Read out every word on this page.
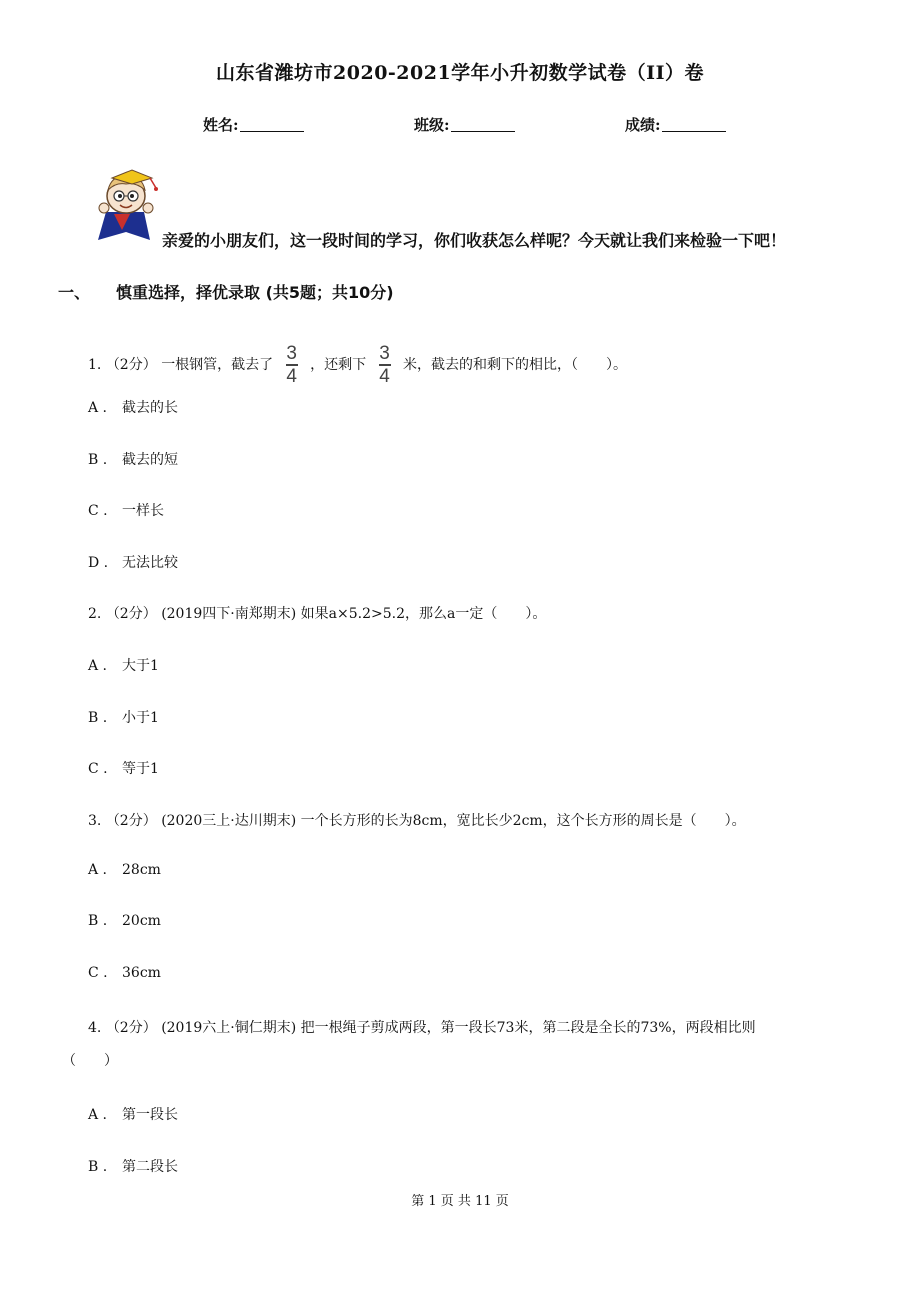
山东省潍坊市2020-2021学年小升初数学试卷（II）卷
姓名:	班级:	成绩:
亲爱的小朋友们，这一段时间的学习，你们收获怎么样呢？今天就让我们来检验一下吧！
一、 慎重选择，择优录取 (共5题；共10分)
1. （2分） 一根钢管，截去了 $\frac{3}{4}$ ，还剩下 $\frac{3}{4}$ 米，截去的和剩下的相比，（　　）。
A . 截去的长
B . 截去的短
C . 一样长
D . 无法比较
2. （2分） (2019四下·南郑期末) 如果a×5.2>5.2，那么a一定（　　）。
A . 大于1
B . 小于1
C . 等于1
3. （2分） (2020三上·达川期末) 一个长方形的长为8cm，宽比长少2cm，这个长方形的周长是（　　）。
A . 28cm
B . 20cm
C . 36cm
4. （2分） (2019六上·铜仁期末) 把一根绳子剪成两段，第一段长73米，第二段是全长的73%，两段相比则
（　　）
A . 第一段长
B . 第二段长
第 1 页 共 11 页
